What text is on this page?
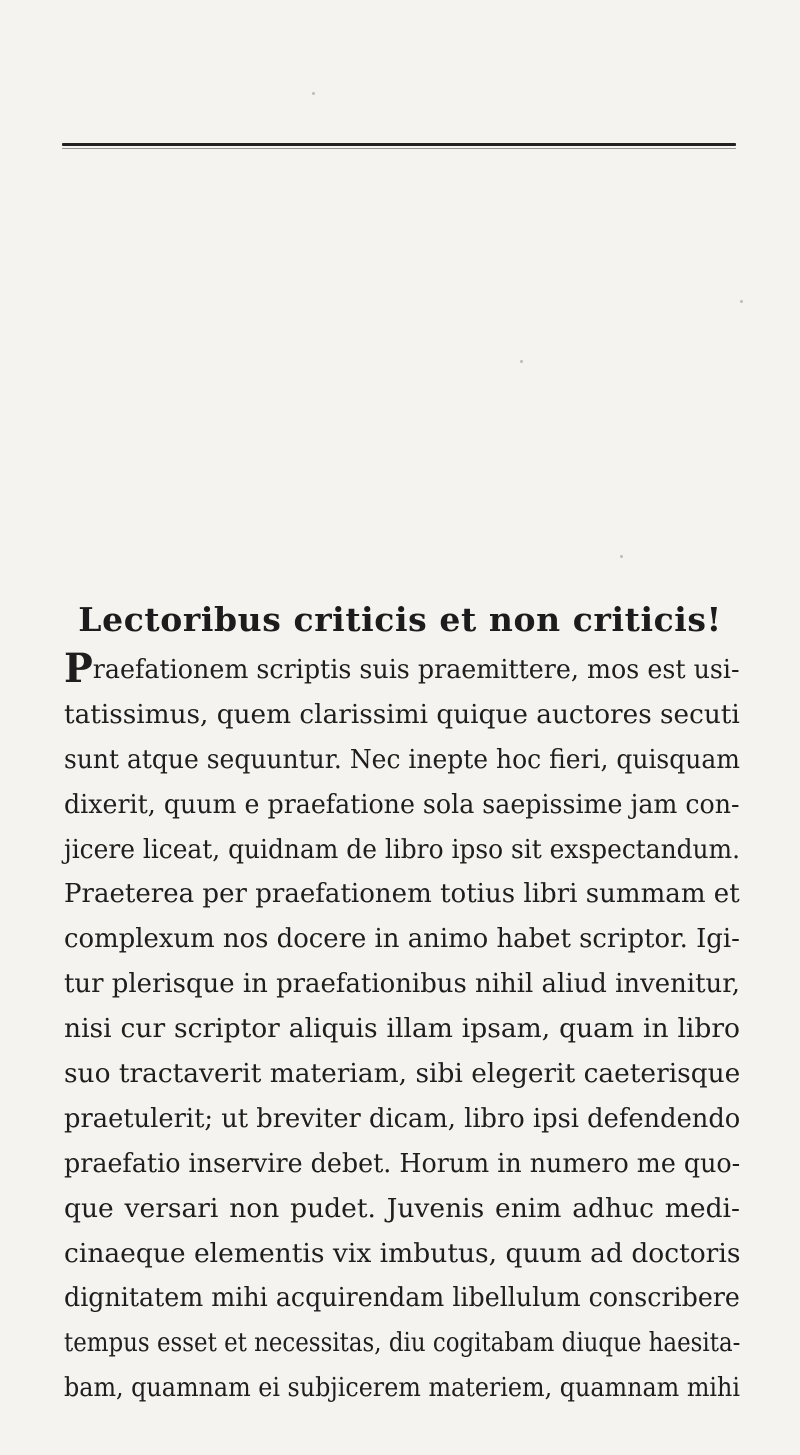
Lectoribus criticis et non criticis!
Praefationem scriptis suis praemittere, mos est usi-
tatissimus, quem clarissimi quique auctores secuti
sunt atque sequuntur. Nec inepte hoc fieri, quisquam
dixerit, quum e praefatione sola saepissime jam con-
jicere liceat, quidnam de libro ipso sit exspectandum.
Praeterea per praefationem totius libri summam et
complexum nos docere in animo habet scriptor. Igi-
tur plerisque in praefationibus nihil aliud invenitur,
nisi cur scriptor aliquis illam ipsam, quam in libro
suo tractaverit materiam, sibi elegerit caeterisque
praetulerit; ut breviter dicam, libro ipsi defendendo
praefatio inservire debet. Horum in numero me quo-
que versari non pudet. Juvenis enim adhuc medi-
cinaeque elementis vix imbutus, quum ad doctoris
dignitatem mihi acquirendam libellulum conscribere
tempus esset et necessitas, diu cogitabam diuque haesita-
bam, quamnam ei subjicerem materiem, quamnam mihi
